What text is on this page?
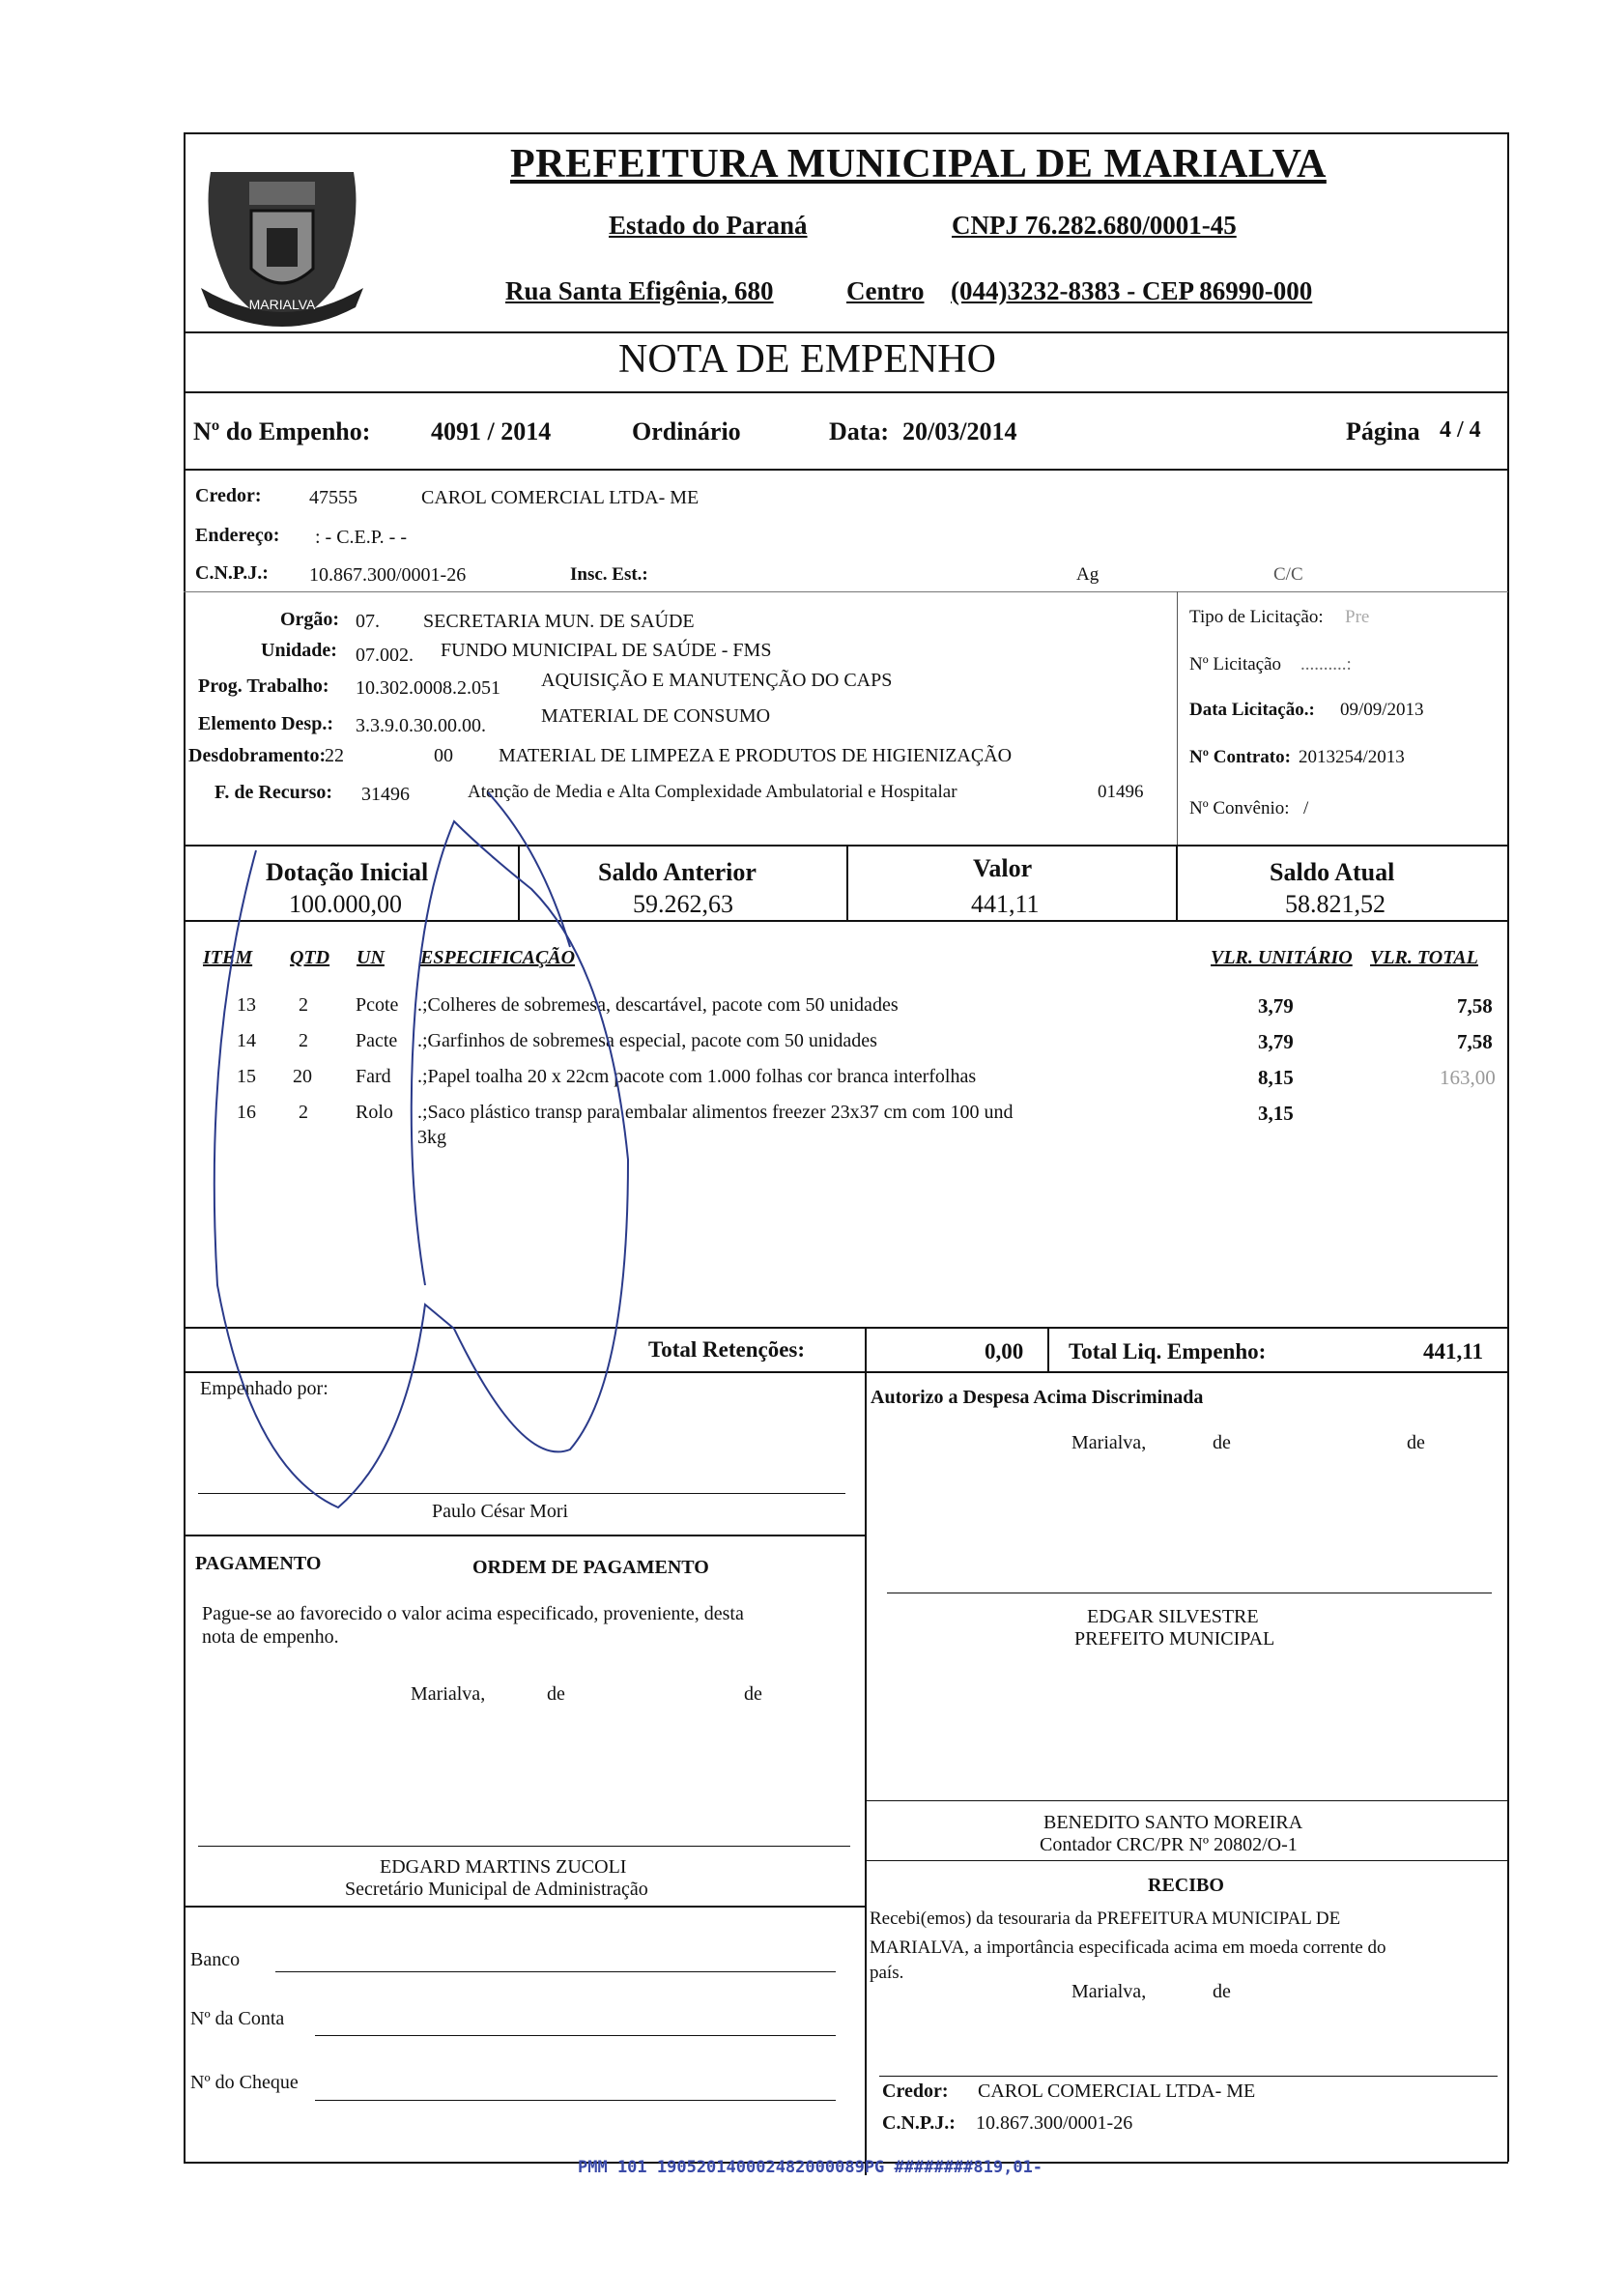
MARIALVA
PREFEITURA MUNICIPAL DE MARIALVA
Estado do Paraná	CNPJ 76.282.680/0001-45
Rua Santa Efigênia, 680	Centro (044)3232-8383 - CEP 86990-000
NOTA DE EMPENHO
Nº do Empenho: 4091 / 2014	Ordinário	Data: 20/03/2014	Página 4 / 4
Credor: 47555	CAROL COMERCIAL LTDA- ME
Endereço: : - C.E.P. - -
C.N.P.J.: 10.867.300/0001-26	Insc. Est.:	Ag	C/C
Orgão: 07. SECRETARIA MUN. DE SAÚDE
Unidade: 07.002. FUNDO MUNICIPAL DE SAÚDE - FMS
Prog. Trabalho: 10.302.0008.2.051 AQUISIÇÃO E MANUTENÇÃO DO CAPS
Elemento Desp.: 3.3.9.0.30.00.00.	MATERIAL DE CONSUMO
Desdobramento:
22	00 MATERIAL DE LIMPEZA E PRODUTOS DE HIGIENIZAÇÃO
F. de Recurso: 31496	Atenção de Media e Alta Complexidade Ambulatorial e Hospitalar	01496
Tipo de Licitação: Pre
Nº Licitação ..........:
Data Licitação.: 09/09/2013
Nº Contrato: 2013254/2013
Nº Convênio: /
Dotação Inicial
100.000,00
Saldo Anterior
59.262,63
Valor
441,11
Saldo Atual
58.821,52
ITEM QTD UN ESPECIFICAÇÃO	VLR. UNITÁRIO VLR. TOTAL
13 2 Pcote .;Colheres de sobremesa, descartável, pacote com 50 unidades	3,79	7,58
14 2 Pacte .;Garfinhos de sobremesa especial, pacote com 50 unidades	3,79	7,58
15 20 Fard .;Papel toalha 20 x 22cm pacote com 1.000 folhas cor branca interfolhas	8,15	163,00
16 2 Rolo .;Saco plástico transp para embalar alimentos freezer 23x37 cm com 100 und	3,15
3kg
Total Retenções:	0,00 Total Liq. Empenho:	441,11
Empenhado por:
Paulo César Mori
Autorizo a Despesa Acima Discriminada
Marialva,	de	de
PAGAMENTO	ORDEM DE PAGAMENTO
Pague-se ao favorecido o valor acima especificado, proveniente, desta
nota de empenho.
Marialva,	de	de
EDGAR SILVESTRE
PREFEITO MUNICIPAL
BENEDITO SANTO MOREIRA
Contador CRC/PR Nº 20802/O-1
RECIBO
Recebi(emos) da tesouraria da PREFEITURA MUNICIPAL DE
MARIALVA, a importância especificada acima em moeda corrente do
país.
Marialva,	de
EDGARD MARTINS ZUCOLI
Secretário Municipal de Administração
Banco
Nº da Conta
Nº do Cheque	Credor: CAROL COMERCIAL LTDA- ME
C.N.P.J.: 10.867.300/0001-26
PMM 101 190520140002482000089PG ########819,01-
